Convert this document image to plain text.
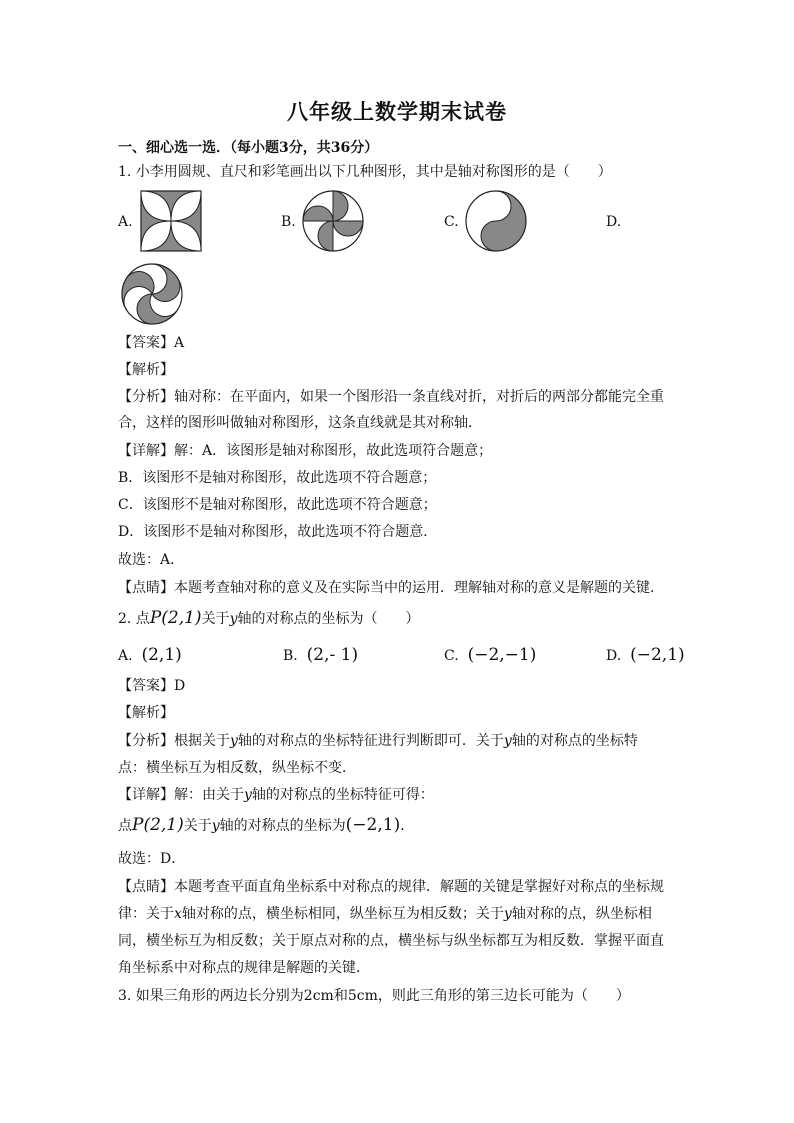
八年级上数学期末试卷
一、细心选一选．（每小题3分，共36分）
1. 小李用圆规、直尺和彩笔画出以下几种图形，其中是轴对称图形的是（　　）
A.	B.	C.	D.
【答案】A
【解析】
【分析】轴对称：在平面内，如果一个图形沿一条直线对折，对折后的两部分都能完全重
合，这样的图形叫做轴对称图形，这条直线就是其对称轴．
【详解】解：A．该图形是轴对称图形，故此选项符合题意；
B．该图形不是轴对称图形，故此选项不符合题意；
C．该图形不是轴对称图形，故此选项不符合题意；
D．该图形不是轴对称图形，故此选项不符合题意．
故选：A．
【点睛】本题考查轴对称的意义及在实际当中的运用．理解轴对称的意义是解题的关键．
2. 点P(2,1)关于y轴的对称点的坐标为（　　）
A. (2,1)	B. (2,- 1)	C. (−2,−1)	D. (−2,1)
【答案】D
【解析】
【分析】根据关于y轴的对称点的坐标特征进行判断即可．关于y轴的对称点的坐标特
点：横坐标互为相反数，纵坐标不变．
【详解】解：由关于y轴的对称点的坐标特征可得：
点P(2,1)关于y轴的对称点的坐标为(−2,1)．
故选：D．
【点睛】本题考查平面直角坐标系中对称点的规律．解题的关键是掌握好对称点的坐标规
律：关于x轴对称的点，横坐标相同，纵坐标互为相反数；关于y轴对称的点，纵坐标相
同，横坐标互为相反数；关于原点对称的点，横坐标与纵坐标都互为相反数．掌握平面直
角坐标系中对称点的规律是解题的关键．
3. 如果三角形的两边长分别为2cm和5cm，则此三角形的第三边长可能为（　　）
